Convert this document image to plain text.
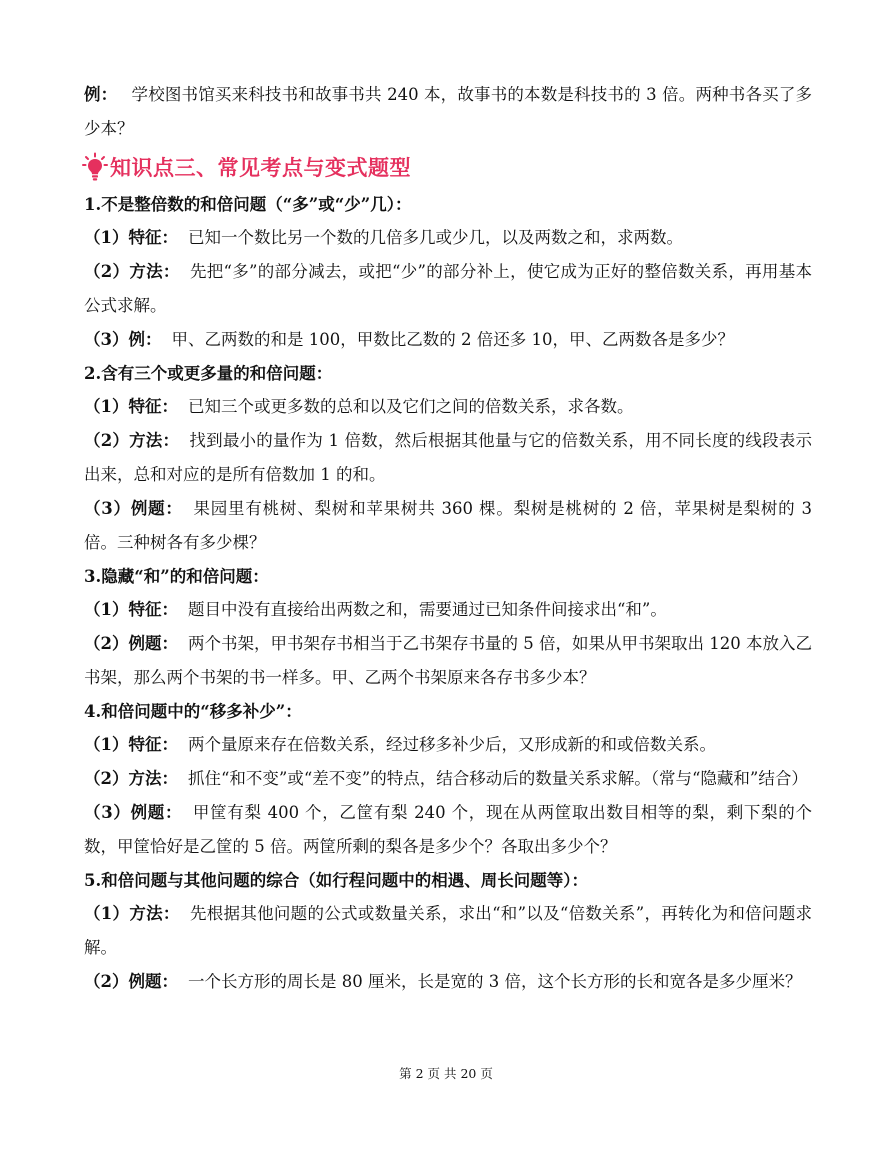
例： 学校图书馆买来科技书和故事书共 240 本，故事书的本数是科技书的 3 倍。两种书各买了多少本？

知识点三、常见考点与变式题型

1.不是整倍数的和倍问题（“多”或“少”几）：

（1）特征： 已知一个数比另一个数的几倍多几或少几，以及两数之和，求两数。

（2）方法： 先把“多”的部分减去，或把“少”的部分补上，使它成为正好的整倍数关系，再用基本公式求解。

（3）例： 甲、乙两数的和是 100，甲数比乙数的 2 倍还多 10，甲、乙两数各是多少？

2.含有三个或更多量的和倍问题：

（1）特征： 已知三个或更多数的总和以及它们之间的倍数关系，求各数。

（2）方法： 找到最小的量作为 1 倍数，然后根据其他量与它的倍数关系，用不同长度的线段表示出来，总和对应的是所有倍数加 1 的和。

（3）例题： 果园里有桃树、梨树和苹果树共 360 棵。梨树是桃树的 2 倍，苹果树是梨树的 3 倍。三种树各有多少棵？

3.隐藏“和”的和倍问题：

（1）特征： 题目中没有直接给出两数之和，需要通过已知条件间接求出“和”。

（2）例题： 两个书架，甲书架存书相当于乙书架存书量的 5 倍，如果从甲书架取出 120 本放入乙书架，那么两个书架的书一样多。甲、乙两个书架原来各存书多少本？

4.和倍问题中的“移多补少”：

（1）特征： 两个量原来存在倍数关系，经过移多补少后，又形成新的和或倍数关系。

（2）方法： 抓住“和不变”或“差不变”的特点，结合移动后的数量关系求解。（常与“隐藏和”结合）

（3）例题： 甲筐有梨 400 个，乙筐有梨 240 个，现在从两筐取出数目相等的梨，剩下梨的个数，甲筐恰好是乙筐的 5 倍。两筐所剩的梨各是多少个？各取出多少个？

5.和倍问题与其他问题的综合（如行程问题中的相遇、周长问题等）：

（1）方法： 先根据其他问题的公式或数量关系，求出“和”以及“倍数关系”，再转化为和倍问题求解。

（2）例题： 一个长方形的周长是 80 厘米，长是宽的 3 倍，这个长方形的长和宽各是多少厘米？

第 2 页 共 20 页
